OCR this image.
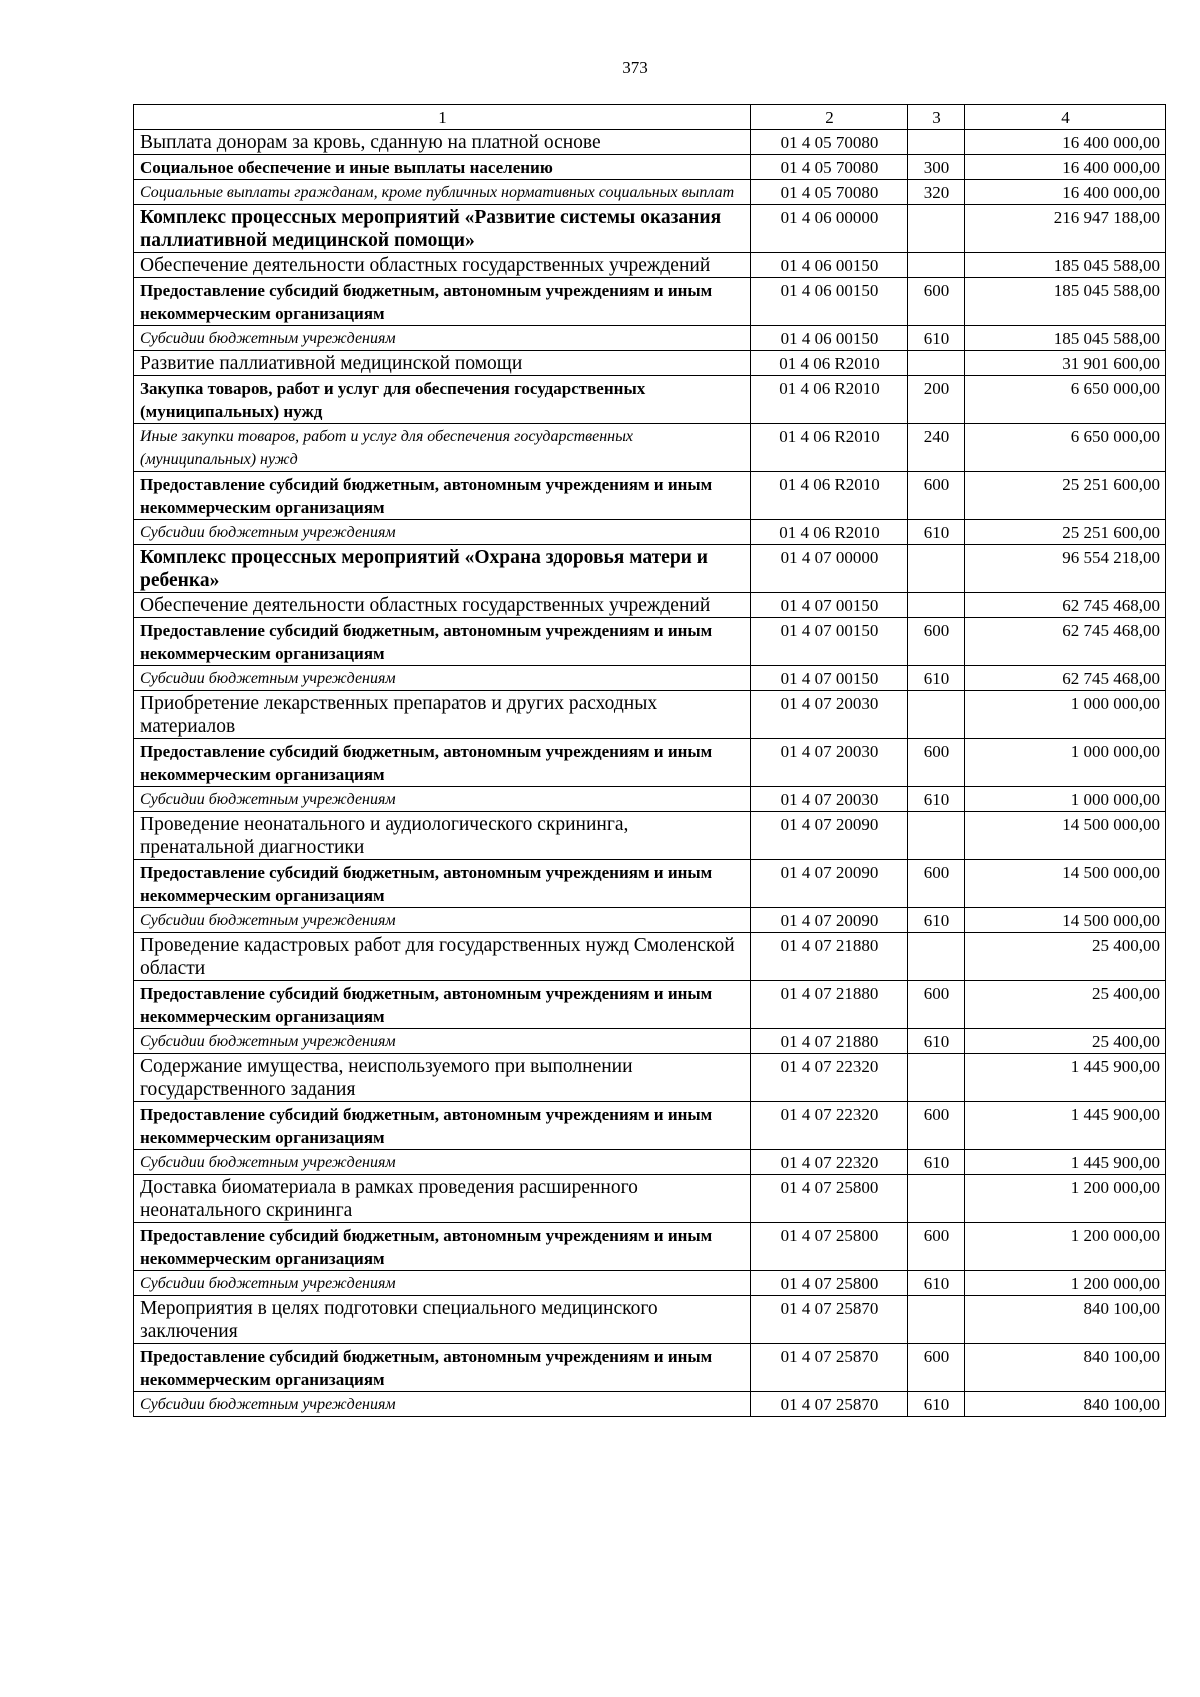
373
1	2	3	4
Выплата донорам за кровь, сданную на платной основе	01 4 05 70080		16 400 000,00
Социальное обеспечение и иные выплаты населению	01 4 05 70080	300	16 400 000,00
Социальные выплаты гражданам, кроме публичных нормативных социальных выплат	01 4 05 70080	320	16 400 000,00
Комплекс процессных мероприятий «Развитие системы оказания паллиативной медицинской помощи»	01 4 06 00000		216 947 188,00
Обеспечение деятельности областных государственных учреждений	01 4 06 00150		185 045 588,00
Предоставление субсидий бюджетным, автономным учреждениям и иным некоммерческим организациям	01 4 06 00150	600	185 045 588,00
Субсидии бюджетным учреждениям	01 4 06 00150	610	185 045 588,00
Развитие паллиативной медицинской помощи	01 4 06 R2010		31 901 600,00
Закупка товаров, работ и услуг для обеспечения государственных (муниципальных) нужд	01 4 06 R2010	200	6 650 000,00
Иные закупки товаров, работ и услуг для обеспечения государственных (муниципальных) нужд	01 4 06 R2010	240	6 650 000,00
Предоставление субсидий бюджетным, автономным учреждениям и иным некоммерческим организациям	01 4 06 R2010	600	25 251 600,00
Субсидии бюджетным учреждениям	01 4 06 R2010	610	25 251 600,00
Комплекс процессных мероприятий «Охрана здоровья матери и ребенка»	01 4 07 00000		96 554 218,00
Обеспечение деятельности областных государственных учреждений	01 4 07 00150		62 745 468,00
Предоставление субсидий бюджетным, автономным учреждениям и иным некоммерческим организациям	01 4 07 00150	600	62 745 468,00
Субсидии бюджетным учреждениям	01 4 07 00150	610	62 745 468,00
Приобретение лекарственных препаратов и других расходных материалов	01 4 07 20030		1 000 000,00
Предоставление субсидий бюджетным, автономным учреждениям и иным некоммерческим организациям	01 4 07 20030	600	1 000 000,00
Субсидии бюджетным учреждениям	01 4 07 20030	610	1 000 000,00
Проведение неонатального и аудиологического скрининга, пренатальной диагностики	01 4 07 20090		14 500 000,00
Предоставление субсидий бюджетным, автономным учреждениям и иным некоммерческим организациям	01 4 07 20090	600	14 500 000,00
Субсидии бюджетным учреждениям	01 4 07 20090	610	14 500 000,00
Проведение кадастровых работ для государственных нужд Смоленской области	01 4 07 21880		25 400,00
Предоставление субсидий бюджетным, автономным учреждениям и иным некоммерческим организациям	01 4 07 21880	600	25 400,00
Субсидии бюджетным учреждениям	01 4 07 21880	610	25 400,00
Содержание имущества, неиспользуемого при выполнении государственного задания	01 4 07 22320		1 445 900,00
Предоставление субсидий бюджетным, автономным учреждениям и иным некоммерческим организациям	01 4 07 22320	600	1 445 900,00
Субсидии бюджетным учреждениям	01 4 07 22320	610	1 445 900,00
Доставка биоматериала в рамках проведения расширенного неонатального скрининга	01 4 07 25800		1 200 000,00
Предоставление субсидий бюджетным, автономным учреждениям и иным некоммерческим организациям	01 4 07 25800	600	1 200 000,00
Субсидии бюджетным учреждениям	01 4 07 25800	610	1 200 000,00
Мероприятия в целях подготовки специального медицинского заключения	01 4 07 25870		840 100,00
Предоставление субсидий бюджетным, автономным учреждениям и иным некоммерческим организациям	01 4 07 25870	600	840 100,00
Субсидии бюджетным учреждениям	01 4 07 25870	610	840 100,00
